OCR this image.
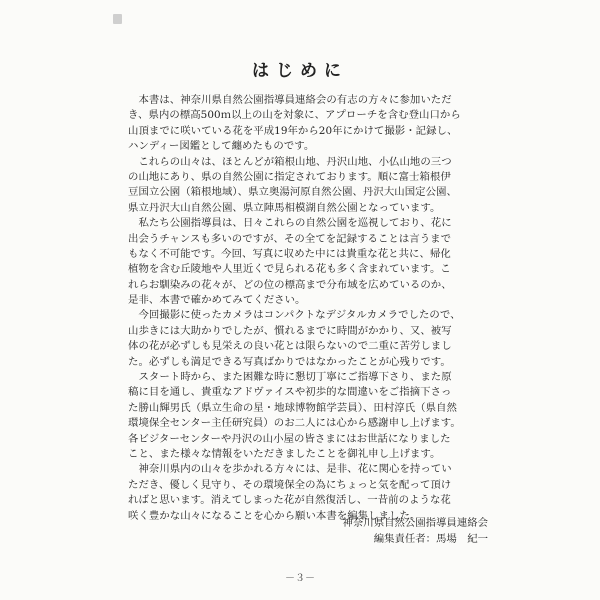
はじめに
　本書は、神奈川県自然公園指導員連絡会の有志の方々に参加いただ
き、県内の標高500ｍ以上の山を対象に、アプローチを含む登山口から
山頂までに咲いている花を平成19年から20年にかけて撮影・記録し、
ハンディー図鑑として纏めたものです。
　これらの山々は、ほとんどが箱根山地、丹沢山地、小仏山地の三つ
の山地にあり、県の自然公園に指定されております。順に富士箱根伊
豆国立公園（箱根地域）、県立奥湯河原自然公園、丹沢大山国定公園、
県立丹沢大山自然公園、県立陣馬相模湖自然公園となっています。
　私たち公園指導員は、日々これらの自然公園を巡視しており、花に
出会うチャンスも多いのですが、その全てを記録することは言うまで
もなく不可能です。今回、写真に収めた中には貴重な花と共に、帰化
植物を含む丘陵地や人里近くで見られる花も多く含まれています。こ
れらお馴染みの花々が、どの位の標高まで分布域を広めているのか、
是非、本書で確かめてみてください。
　今回撮影に使ったカメラはコンパクトなデジタルカメラでしたので、
山歩きには大助かりでしたが、慣れるまでに時間がかかり、又、被写
体の花が必ずしも見栄えの良い花とは限らないので二重に苦労しまし
た。必ずしも満足できる写真ばかりではなかったことが心残りです。
　スタート時から、また困難な時に懇切丁寧にご指導下さり、また原
稿に目を通し、貴重なアドヴァイスや初歩的な間違いをご指摘下さっ
た勝山輝男氏（県立生命の星・地球博物館学芸員）、田村淳氏（県自然
環境保全センター主任研究員）のお二人には心から感謝申し上げます。
各ビジターセンターや丹沢の山小屋の皆さまにはお世話になりました
こと、また様々な情報をいただきましたことを御礼申し上げます。
　神奈川県内の山々を歩かれる方々には、是非、花に関心を持ってい
ただき、優しく見守り、その環境保全の為にちょっと気を配って頂け
ればと思います。消えてしまった花が自然復活し、一昔前のような花
咲く豊かな山々になることを心から願い本書を編集しました。
神奈川県自然公園指導員連絡会
編集責任者：馬場　紀一
－３－
